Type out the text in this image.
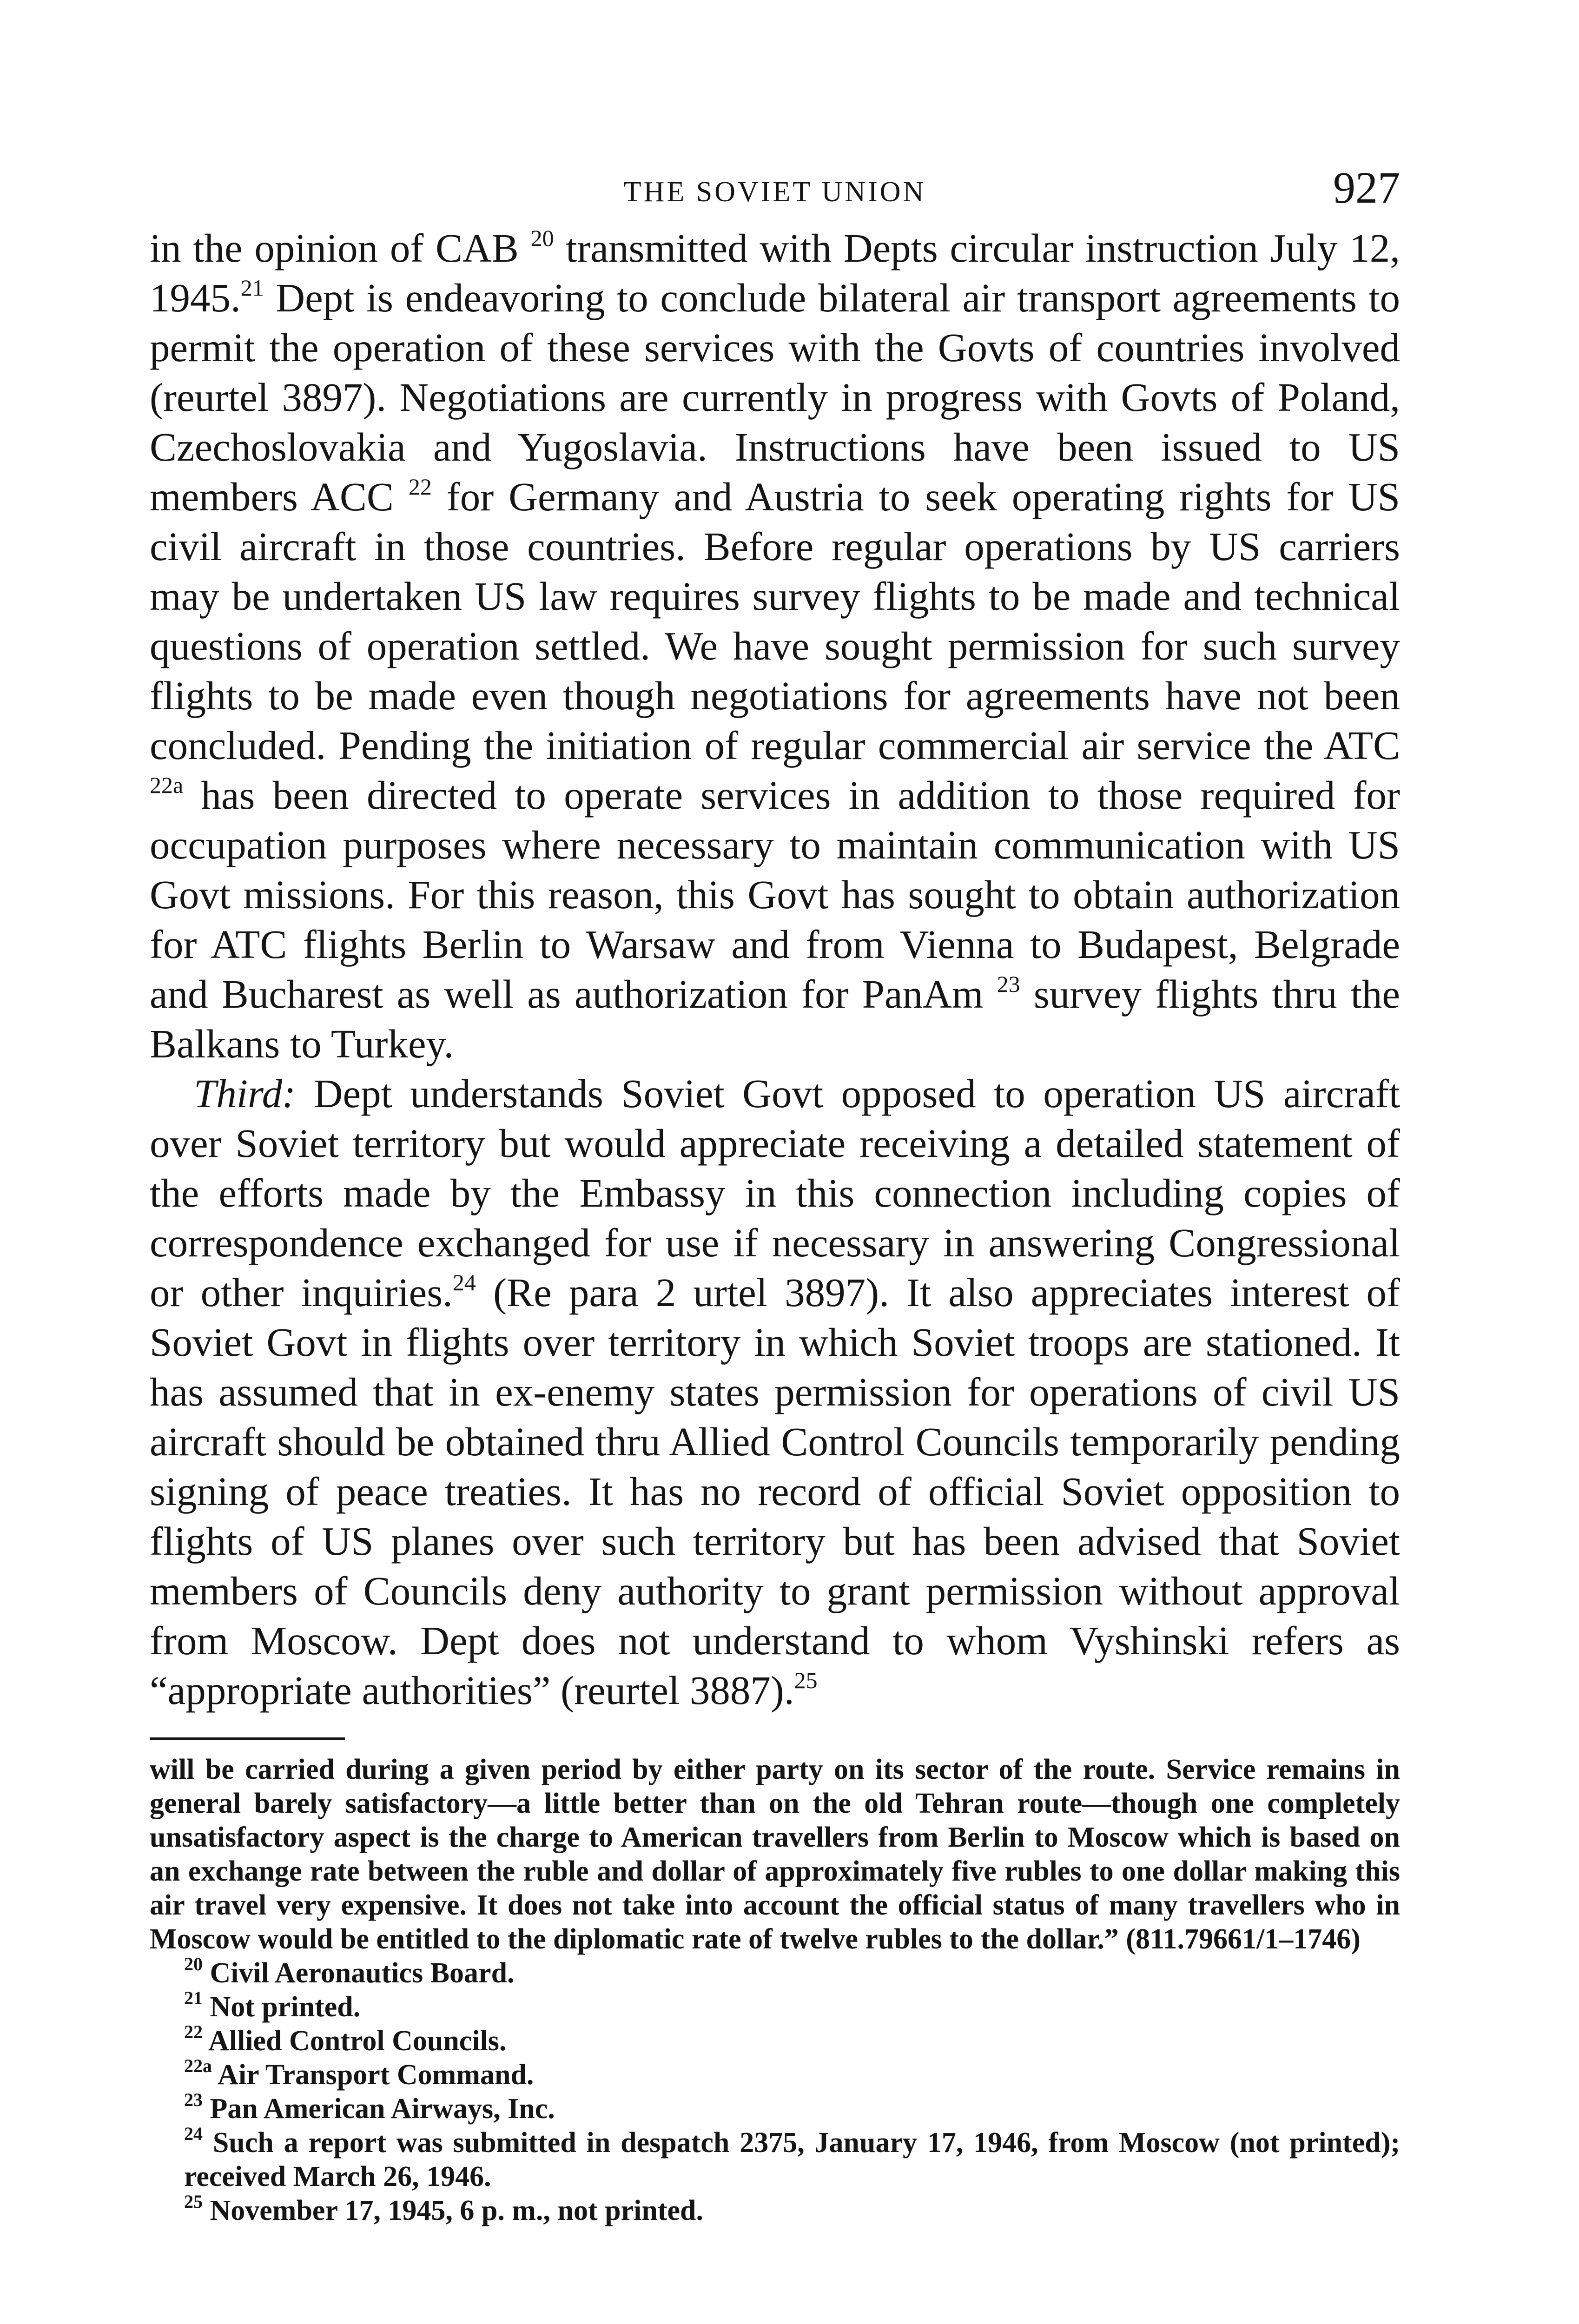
THE SOVIET UNION	927

in the opinion of CAB $^{20}$ transmitted with Depts circular instruction July 12, 1945.21 Dept is endeavoring to conclude bilateral air transport agreements to permit the operation of these services with the Govts of countries involved (reurtel 3897). Negotiations are currently in progress with Govts of Poland, Czechoslovakia and Yugoslavia. Instructions have been issued to US members ACC $^{22}$ for Germany and Austria to seek operating rights for US civil aircraft in those countries. Before regular operations by US carriers may be undertaken US law requires survey flights to be made and technical questions of operation settled. We have sought permission for such survey flights to be made even though negotiations for agreements have not been concluded. Pending the initiation of regular commercial air service the ATC $^{22a}$ has been directed to operate services in addition to those required for occupation purposes where necessary to maintain communication with US Govt missions. For this reason, this Govt has sought to obtain authorization for ATC flights Berlin to Warsaw and from Vienna to Budapest, Belgrade and Bucharest as well as authorization for PanAm $^{23}$ survey flights thru the Balkans to Turkey.

Third: Dept understands Soviet Govt opposed to operation US aircraft over Soviet territory but would appreciate receiving a detailed statement of the efforts made by the Embassy in this connection including copies of correspondence exchanged for use if necessary in answering Congressional or other inquiries.$^{24}$ (Re para 2 urtel 3897). It also appreciates interest of Soviet Govt in flights over territory in which Soviet troops are stationed. It has assumed that in ex-enemy states permission for operations of civil US aircraft should be obtained thru Allied Control Councils temporarily pending signing of peace treaties. It has no record of official Soviet opposition to flights of US planes over such territory but has been advised that Soviet members of Councils deny authority to grant permission without approval from Moscow. Dept does not understand to whom Vyshinski refers as “appropriate authorities” (reurtel 3887).$^{25}$

will be carried during a given period by either party on its sector of the route. Service remains in general barely satisfactory—a little better than on the old Tehran route—though one completely unsatisfactory aspect is the charge to American travellers from Berlin to Moscow which is based on an exchange rate between the ruble and dollar of approximately five rubles to one dollar making this air travel very expensive. It does not take into account the official status of many travellers who in Moscow would be entitled to the diplomatic rate of twelve rubles to the dollar.” (811.79661/1–1746)

$^{20}$ Civil Aeronautics Board.

$^{21}$ Not printed.

$^{22}$ Allied Control Councils.

$^{22a}$ Air Transport Command.

$^{23}$ Pan American Airways, Inc.

$^{24}$ Such a report was submitted in despatch 2375, January 17, 1946, from Moscow (not printed); received March 26, 1946.

$^{25}$ November 17, 1945, 6 p. m., not printed.
